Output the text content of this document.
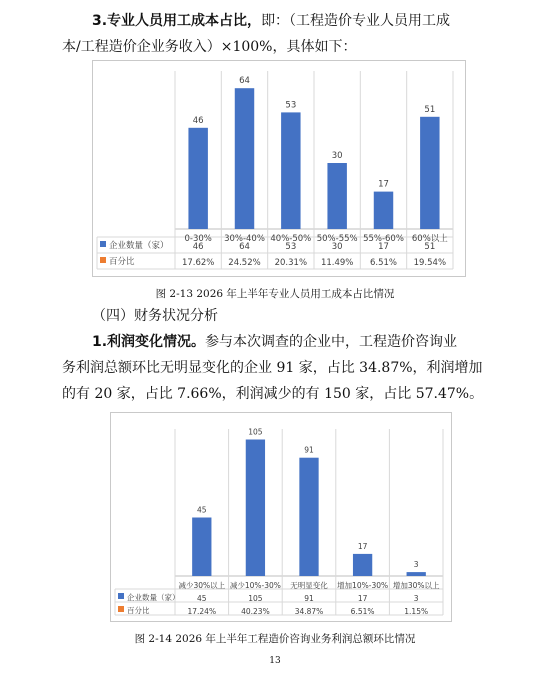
3.专业人员用工成本占比，即：（工程造价专业人员用工成
本/工程造价企业务收入）×100%，具体如下：
46
0-30%
46
17.62%
64
30%-40%
64
24.52%
53
40%-50%
53
20.31%
30
50%-55%
30
11.49%
17
55%-60%
17
6.51%
51
60%以上
51
19.54%
企业数量（家）
百分比
图 2-13 2026 年上半年专业人员用工成本占比情况
（四）财务状况分析
1.利润变化情况。参与本次调查的企业中，工程造价咨询业
务利润总额环比无明显变化的企业 91 家，占比 34.87%，利润增加
的有 20 家，占比 7.66%，利润减少的有 150 家，占比 57.47%。
45
减少30%以上
45
17.24%
105
减少10%-30%
105
40.23%
91
无明显变化
91
34.87%
17
增加10%-30%
17
6.51%
3
增加30%以上
3
1.15%
企业数量（家）
百分比
图 2-14 2026 年上半年工程造价咨询业务利润总额环比情况
13
